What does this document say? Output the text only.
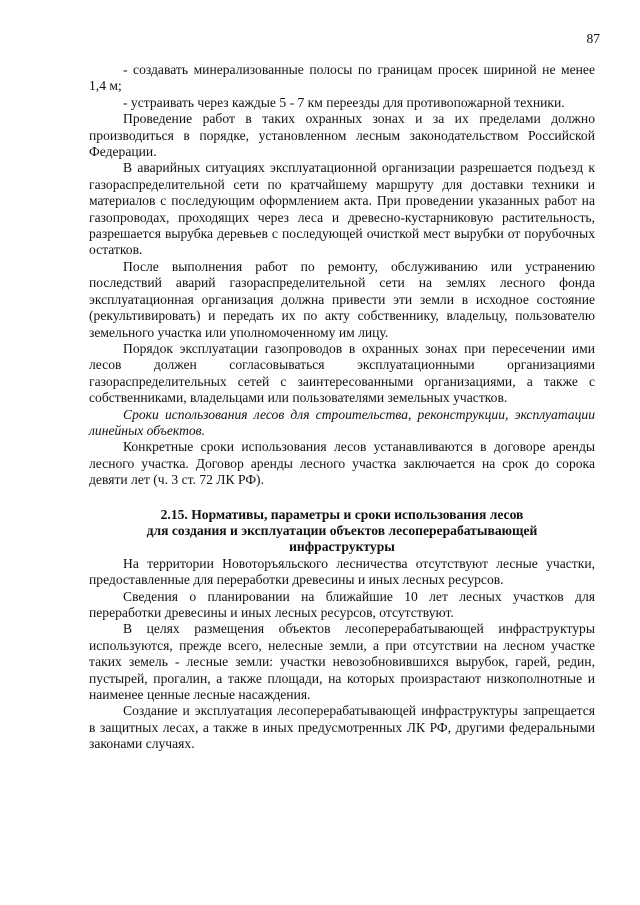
87

- создавать минерализованные полосы по границам просек шириной не менее 1,4 м;

- устраивать через каждые 5 - 7 км переезды для противопожарной техники.

Проведение работ в таких охранных зонах и за их пределами должно производиться в порядке, установленном лесным законодательством Российской Федерации.

В аварийных ситуациях эксплуатационной организации разрешается подъезд к газораспределительной сети по кратчайшему маршруту для доставки техники и материалов с последующим оформлением акта. При проведении указанных работ на газопроводах, проходящих через леса и древесно-кустарниковую растительность, разрешается вырубка деревьев с последующей очисткой мест вырубки от порубочных остатков.

После выполнения работ по ремонту, обслуживанию или устранению последствий аварий газораспределительной сети на землях лесного фонда эксплуатационная организация должна привести эти земли в исходное состояние (рекультивировать) и передать их по акту собственнику, владельцу, пользователю земельного участка или уполномоченному им лицу.

Порядок эксплуатации газопроводов в охранных зонах при пересечении ими лесов должен согласовываться эксплуатационными организациями газораспределительных сетей с заинтересованными организациями, а также с собственниками, владельцами или пользователями земельных участков.

Сроки использования лесов для строительства, реконструкции, эксплуатации линейных объектов.

Конкретные сроки использования лесов устанавливаются в договоре аренды лесного участка. Договор аренды лесного участка заключается на срок до сорока девяти лет (ч. 3 ст. 72 ЛК РФ).

2.15. Нормативы, параметры и сроки использования лесов
для создания и эксплуатации объектов лесоперерабатывающей
инфраструктуры

На территории Новоторъяльского лесничества отсутствуют лесные участки, предоставленные для переработки древесины и иных лесных ресурсов.

Сведения о планировании на ближайшие 10 лет лесных участков для переработки древесины и иных лесных ресурсов, отсутствуют.

В целях размещения объектов лесоперерабатывающей инфраструктуры используются, прежде всего, нелесные земли, а при отсутствии на лесном участке таких земель - лесные земли: участки невозобновившихся вырубок, гарей, редин, пустырей, прогалин, а также площади, на которых произрастают низкополнотные и наименее ценные лесные насаждения.

Создание и эксплуатация лесоперерабатывающей инфраструктуры запрещается в защитных лесах, а также в иных предусмотренных ЛК РФ, другими федеральными законами случаях.
